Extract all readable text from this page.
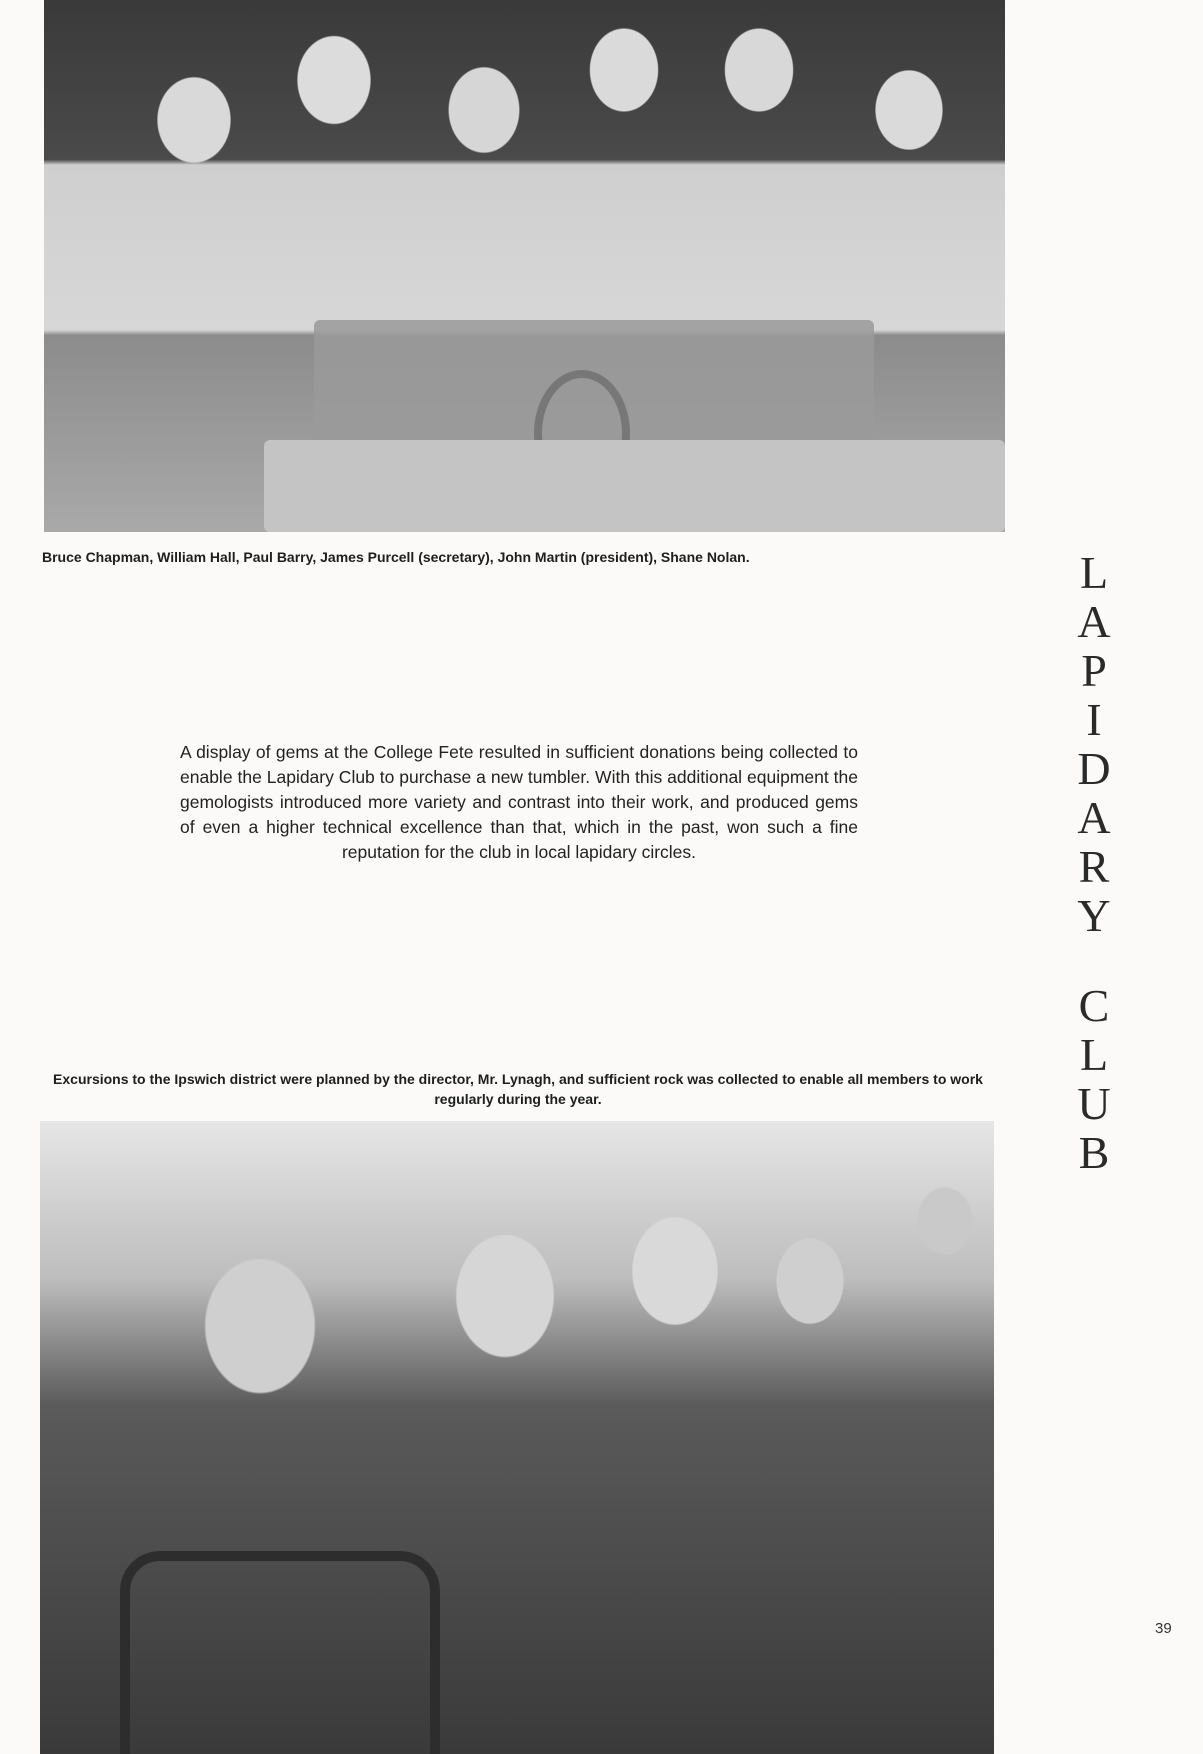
Bruce Chapman, William Hall, Paul Barry, James Purcell (secretary), John Martin (president), Shane Nolan.

A display of gems at the College Fete resulted in sufficient donations being collected to enable the Lapidary Club to purchase a new tumbler. With this additional equipment the gemologists introduced more variety and contrast into their work, and produced gems of even a higher technical excellence than that, which in the past, won such a fine reputation for the club in local lapidary circles.

L
A
P
I
D
A
R
Y
C
L
U
B

Excursions to the Ipswich district were planned by the director, Mr. Lynagh, and sufficient rock was collected to enable all members to work regularly during the year.

39
